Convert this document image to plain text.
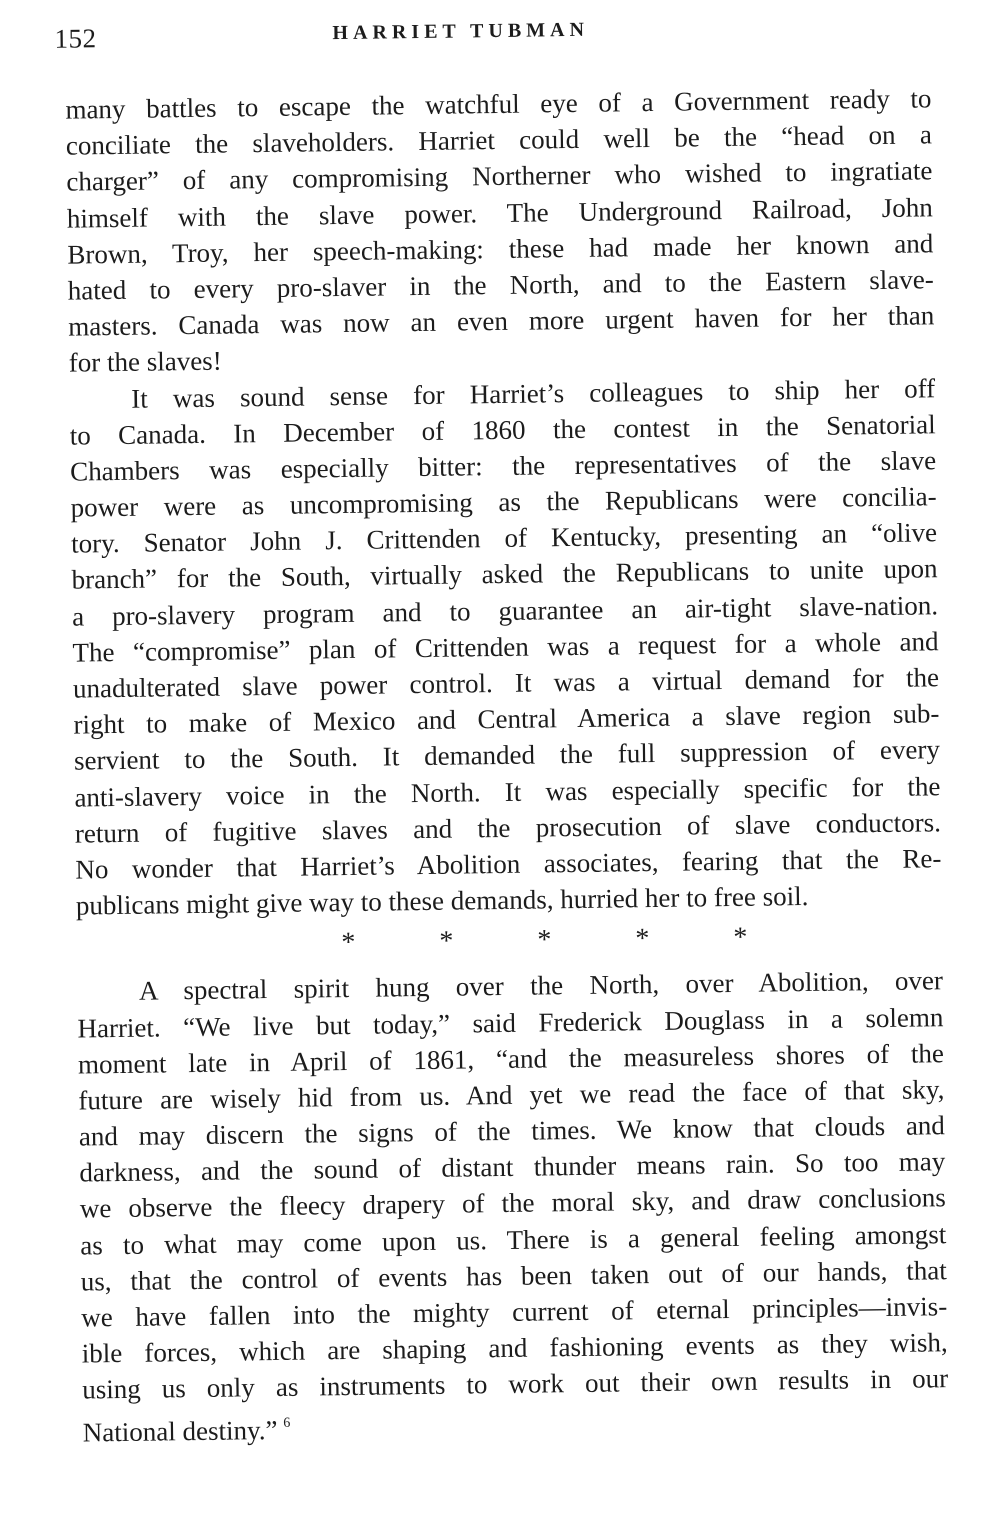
152	HARRIET TUBMAN
many battles to escape the watchful eye of a Government ready to
conciliate the slaveholders. Harriet could well be the “head on a
charger” of any compromising Northerner who wished to ingratiate
himself with the slave power. The Underground Railroad, John
Brown, Troy, her speech-making: these had made her known and
hated to every pro-slaver in the North, and to the Eastern slave-
masters. Canada was now an even more urgent haven for her than
for the slaves!
It was sound sense for Harriet’s colleagues to ship her off
to Canada. In December of 1860 the contest in the Senatorial
Chambers was especially bitter: the representatives of the slave
power were as uncompromising as the Republicans were concilia-
tory. Senator John J. Crittenden of Kentucky, presenting an “olive
branch” for the South, virtually asked the Republicans to unite upon
a pro-slavery program and to guarantee an air-tight slave-nation.
The “compromise” plan of Crittenden was a request for a whole and
unadulterated slave power control. It was a virtual demand for the
right to make of Mexico and Central America a slave region sub-
servient to the South. It demanded the full suppression of every
anti-slavery voice in the North. It was especially specific for the
return of fugitive slaves and the prosecution of slave conductors.
No wonder that Harriet’s Abolition associates, fearing that the Re-
publicans might give way to these demands, hurried her to free soil.
*	*	*	*	*
A spectral spirit hung over the North, over Abolition, over
Harriet. “We live but today,” said Frederick Douglass in a solemn
moment late in April of 1861, “and the measureless shores of the
future are wisely hid from us. And yet we read the face of that sky,
and may discern the signs of the times. We know that clouds and
darkness, and the sound of distant thunder means rain. So too may
we observe the fleecy drapery of the moral sky, and draw conclusions
as to what may come upon us. There is a general feeling amongst
us, that the control of events has been taken out of our hands, that
we have fallen into the mighty current of eternal principles—invis-
ible forces, which are shaping and fashioning events as they wish,
using us only as instruments to work out their own results in our
National destiny.” $^6$
